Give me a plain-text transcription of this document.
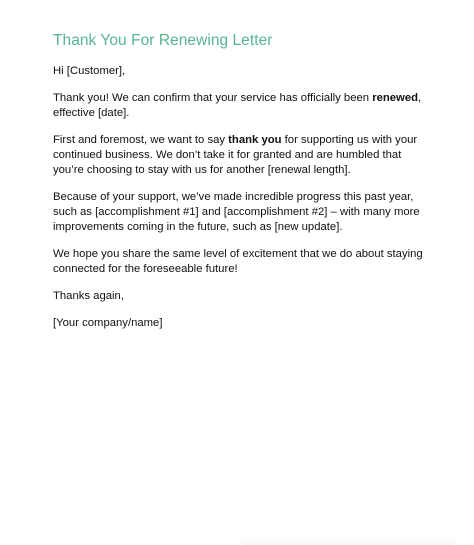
Thank You For Renewing Letter

Hi [Customer],

Thank you! We can confirm that your service has officially been renewed, effective [date].

First and foremost, we want to say thank you for supporting us with your continued business. We don’t take it for granted and are humbled that you’re choosing to stay with us for another [renewal length].

Because of your support, we’ve made incredible progress this past year, such as [accomplishment #1] and [accomplishment #2] – with many more improvements coming in the future, such as [new update].

We hope you share the same level of excitement that we do about staying connected for the foreseeable future!

Thanks again,

[Your company/name]
